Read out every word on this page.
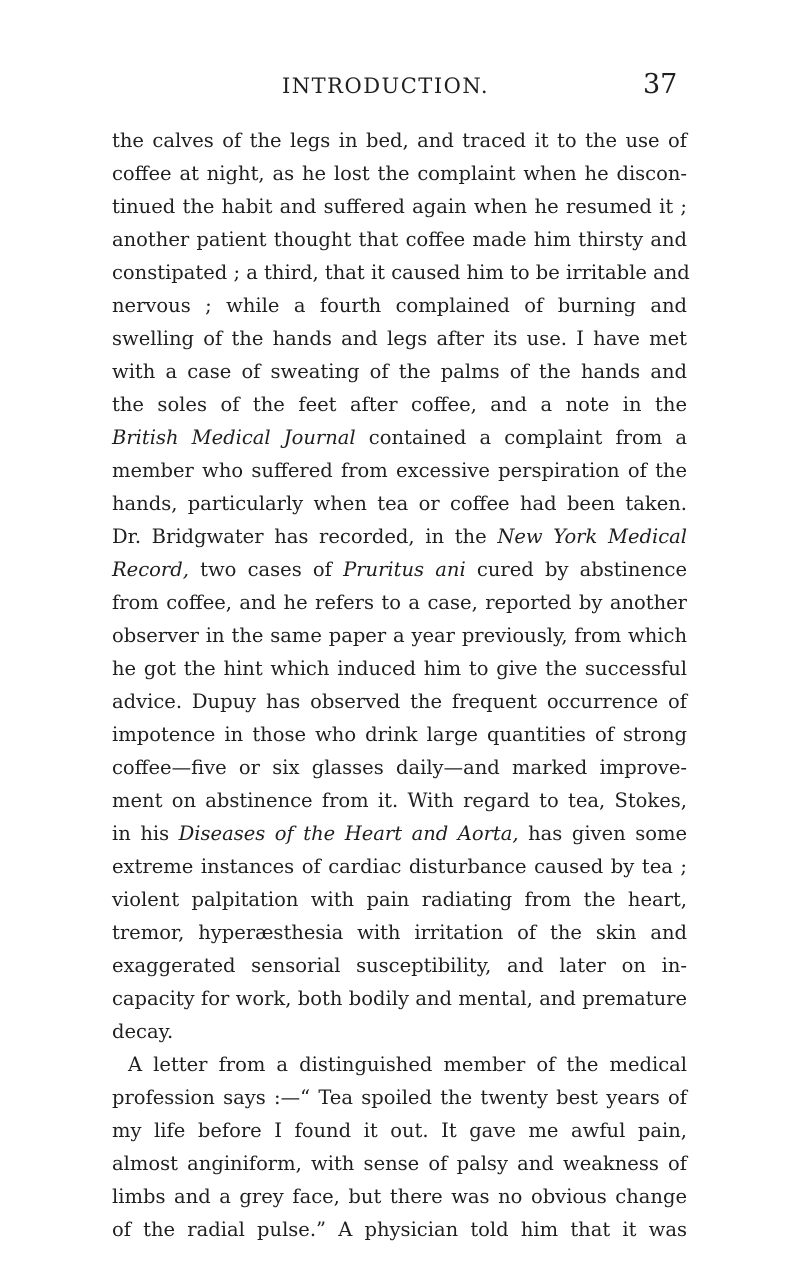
INTRODUCTION.	37
the calves of the legs in bed, and traced it to the use of
coffee at night, as he lost the complaint when he discon-
tinued the habit and suffered again when he resumed it ;
another patient thought that coffee made him thirsty and
constipated ; a third, that it caused him to be irritable and
nervous ; while a fourth complained of burning and
swelling of the hands and legs after its use. I have met
with a case of sweating of the palms of the hands and
the soles of the feet after coffee, and a note in the
British Medical Journal contained a complaint from a
member who suffered from excessive perspiration of the
hands, particularly when tea or coffee had been taken.
Dr. Bridgwater has recorded, in the New York Medical
Record, two cases of Pruritus ani cured by abstinence
from coffee, and he refers to a case, reported by another
observer in the same paper a year previously, from which
he got the hint which induced him to give the successful
advice. Dupuy has observed the frequent occurrence of
impotence in those who drink large quantities of strong
coffee—five or six glasses daily—and marked improve-
ment on abstinence from it. With regard to tea, Stokes,
in his Diseases of the Heart and Aorta, has given some
extreme instances of cardiac disturbance caused by tea ;
violent palpitation with pain radiating from the heart,
tremor, hyperæsthesia with irritation of the skin and
exaggerated sensorial susceptibility, and later on in-
capacity for work, both bodily and mental, and premature
decay.
A letter from a distinguished member of the medical
profession says :—“ Tea spoiled the twenty best years of
my life before I found it out. It gave me awful pain,
almost anginiform, with sense of palsy and weakness of
limbs and a grey face, but there was no obvious change
of the radial pulse.” A physician told him that it was
